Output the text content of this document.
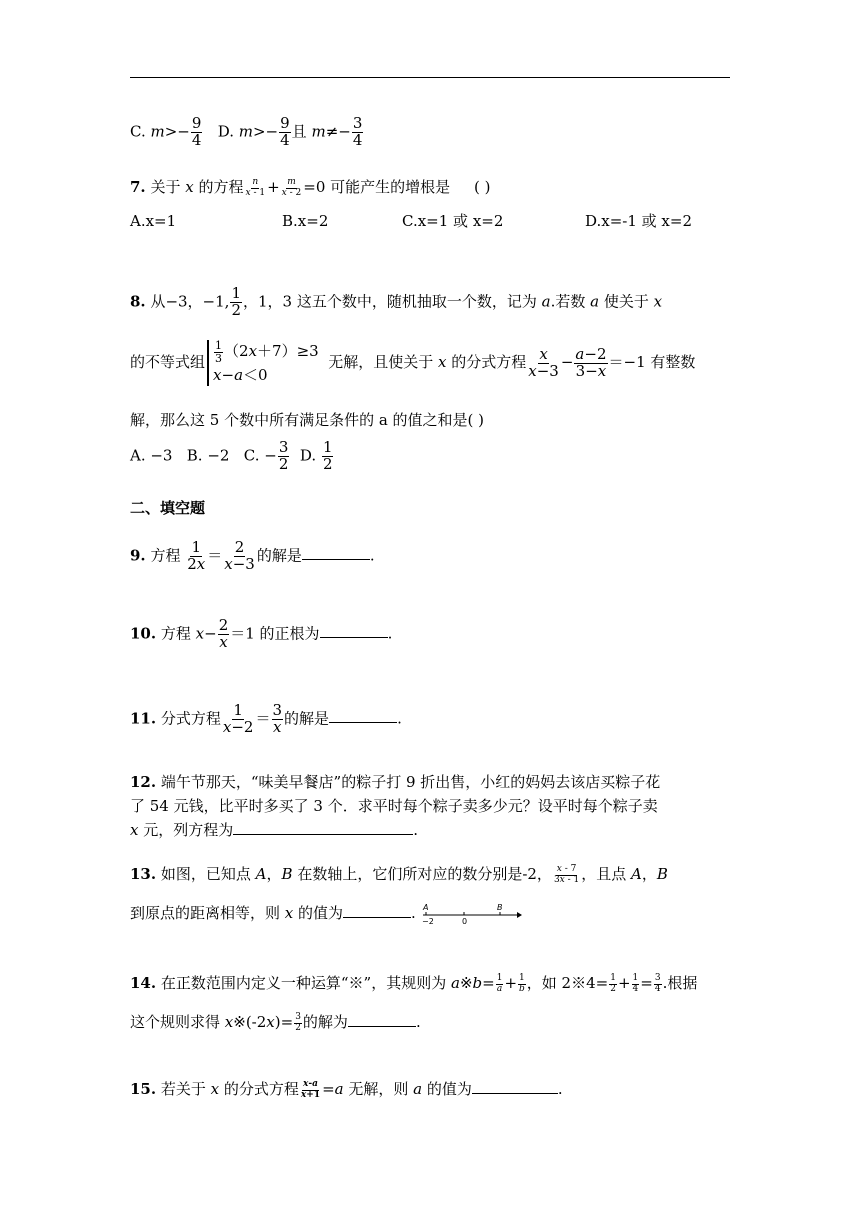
C. $m>- \frac{9}{4} D$. $m>- \frac{9}{4}$ 且 $m\ne- \frac{3}{4}$
7. 关于 x 的方程 $\frac{n}{x - 1} + \frac{m}{x - 2} =0$ 可能产生的增根是 ( )
A.x=1	B.x=2	C.x=1 或 x=2	D.x=-1 或 x=2
8. 从−3，−1, $\frac{1}{2}$ ，1，3 这五个数中，随机抽取一个数，记为 a.若数 a 使关于 x
的不等式组 $\frac{1}{3} (2x+7)\ge 3$
x−a＜0
无解，且使关于 x 的分式方程 $\frac{x}{x-3} - \frac{a-2}{3-x} =-1$ 有整数
解，那么这 5 个数中所有满足条件的 a 的值之和是( )
A. −3   B. −2   C. − $\frac{3}{2} D$. $\frac{1}{2}$
二、填空题
9. 方程 $\frac{1}{2x} = \frac{2}{x-3}$ 的解是	.
10. 方程 $x- \frac{2}{x} =1$ 的正根为	.
11. 分式方程 $\frac{1}{x-2} = \frac{3}{x}$ 的解是	.
12. 端午节那天，“味美早餐店”的粽子打 9 折出售，小红的妈妈去该店买粽子花
了 54 元钱，比平时多买了 3 个．求平时每个粽子卖多少元？设平时每个粽子卖
x 元，列方程为	.
13. 如图，已知点 A，B 在数轴上，它们所对应的数分别是-2， $\frac{x - 7}{3x - 1}$ ，且点 A，B
到原点的距离相等，则 x 的值为	. A	B
−2	0
14. 在正数范围内定义一种运算“※”，其规则为 a※b= $\frac{1}{a} + \frac{1}{b}$ ，如 2※4= $\frac{1}{2} + \frac{1}{4} = \frac{3}{4}$ .根据
这个规则求得 x※(-2x)= $\frac{3}{2}$ 的解为	.
15. 若关于 x 的分式方程 $\frac{x-a}{x+1} =a$ 无解，则 a 的值为	.
